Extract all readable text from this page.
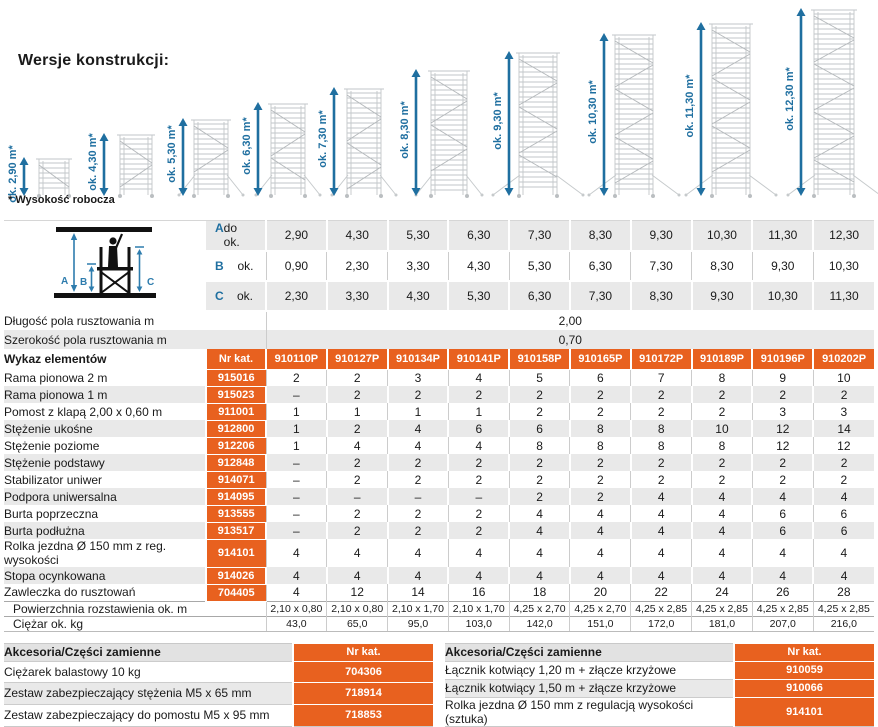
ok. 2,90 m*	ok. 4,30 m*	ok. 5,30 m*	ok. 6,30 m*	ok. 7,30 m*	ok. 8,30 m*	ok. 9,30 m*	ok. 10,30 m*	ok. 11,30 m*	ok. 12,30 m*
Wersje konstrukcji:
* Wysokość robocza
A B C	A do ok.	2,90	4,30	5,30	6,30	7,30	8,30	9,30	10,30	11,30	12,30

	B ok.	0,90	2,30	3,30	4,30	5,30	6,30	7,30	8,30	9,30	10,30

	C ok.	2,30	3,30	4,30	5,30	6,30	7,30	8,30	9,30	10,30	11,30
Długość pola rusztowania m		2,00									
Szerokość pola rusztowania m		0,70									
Wykaz elementów	Nr kat.	910110P	910127P	910134P	910141P	910158P	910165P	910172P	910189P	910196P	910202P
Rama pionowa 2 m	915016	2	2	3	4	5	6	7	8	9	10
Rama pionowa 1 m	915023	–	2	2	2	2	2	2	2	2	2
Pomost z klapą 2,00 x 0,60 m	911001	1	1	1	1	2	2	2	2	3	3
Stężenie ukośne	912800	1	2	4	6	6	8	8	10	12	14
Stężenie poziome	912206	1	4	4	4	8	8	8	8	12	12
Stężenie podstawy	912848	–	2	2	2	2	2	2	2	2	2
Stabilizator uniwer	914071	–	2	2	2	2	2	2	2	2	2
Podpora uniwersalna	914095	–	–	–	–	2	2	4	4	4	4
Burta poprzeczna	913555	–	2	2	2	4	4	4	4	6	6
Burta podłużna	913517	–	2	2	2	4	4	4	4	6	6
Rolka jezdna Ø 150 mm z reg. wysokości	914101	4	4	4	4	4	4	4	4	4	4
Stopa ocynkowana	914026	4	4	4	4	4	4	4	4	4	4
Zawleczka do rusztowań	704405	4	12	14	16	18	20	22	24	26	28
Powierzchnia rozstawienia ok. m		2,10 x 0,80	2,10 x 0,80	2,10 x 1,70	2,10 x 1,70	4,25 x 2,70	4,25 x 2,70	4,25 x 2,85	4,25 x 2,85	4,25 x 2,85	4,25 x 2,85
Ciężar ok. kg		43,0	65,0	95,0	103,0	142,0	151,0	172,0	181,0	207,0	216,0
Akcesoria/Części zamienne	Nr kat.
Ciężarek balastowy 10 kg	704306
Zestaw zabezpieczający stężenia M5 x 65 mm	718914
Zestaw zabezpieczający do pomostu M5 x 95 mm	718853
Akcesoria/Części zamienne	Nr kat.
Łącznik kotwiący 1,20 m + złącze krzyżowe	910059
Łącznik kotwiący 1,50 m + złącze krzyżowe	910066
Rolka jezdna Ø 150 mm z regulacją wysokości (sztuka)	914101
